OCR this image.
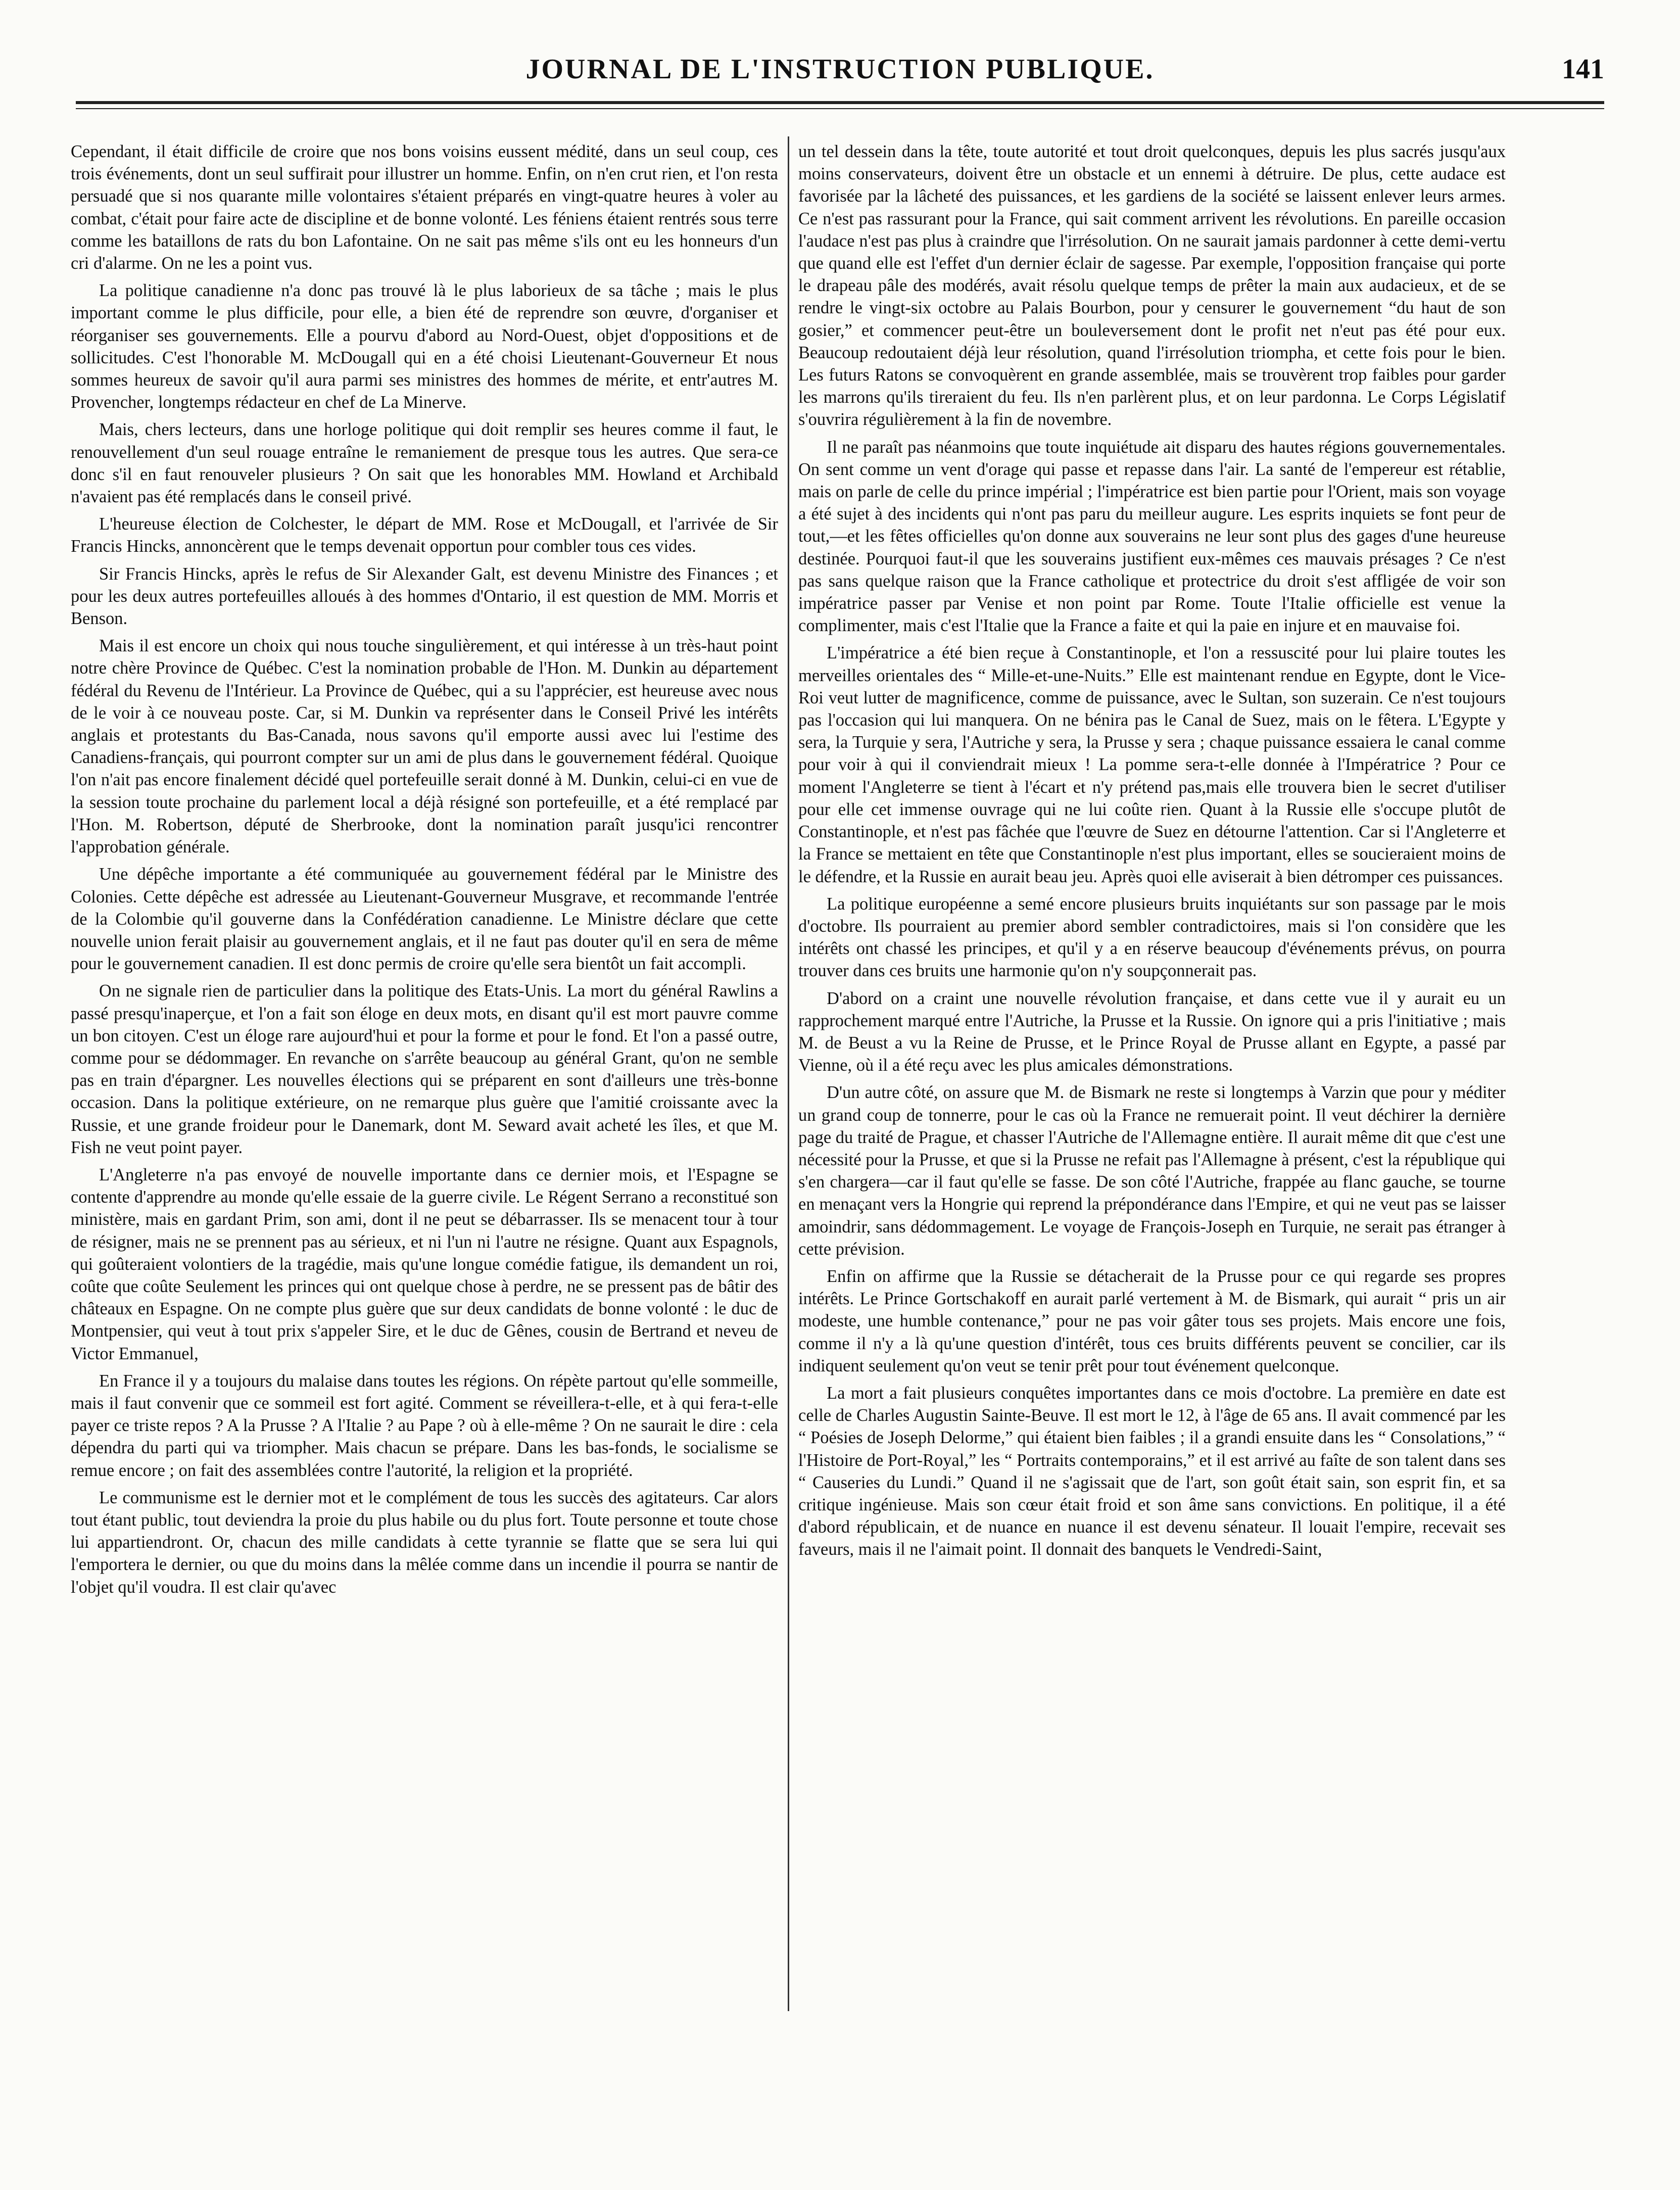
JOURNAL DE L'INSTRUCTION PUBLIQUE.	141

Cependant, il était difficile de croire que nos bons voisins eussent médité, dans un seul coup, ces trois événements, dont un seul suffirait pour illustrer un homme. Enfin, on n'en crut rien, et l'on resta persuadé que si nos quarante mille volontaires s'étaient préparés en vingt-quatre heures à voler au combat, c'était pour faire acte de discipline et de bonne volonté. Les féniens étaient rentrés sous terre comme les bataillons de rats du bon Lafontaine. On ne sait pas même s'ils ont eu les honneurs d'un cri d'alarme. On ne les a point vus.

La politique canadienne n'a donc pas trouvé là le plus laborieux de sa tâche ; mais le plus important comme le plus difficile, pour elle, a bien été de reprendre son œuvre, d'organiser et réorganiser ses gouvernements. Elle a pourvu d'abord au Nord-Ouest, objet d'oppositions et de sollicitudes. C'est l'honorable M. McDougall qui en a été choisi Lieutenant-Gouverneur Et nous sommes heureux de savoir qu'il aura parmi ses ministres des hommes de mérite, et entr'autres M. Provencher, longtemps rédacteur en chef de La Minerve.

Mais, chers lecteurs, dans une horloge politique qui doit remplir ses heures comme il faut, le renouvellement d'un seul rouage entraîne le remaniement de presque tous les autres. Que sera-ce donc s'il en faut renouveler plusieurs ? On sait que les honorables MM. Howland et Archibald n'avaient pas été remplacés dans le conseil privé.

L'heureuse élection de Colchester, le départ de MM. Rose et McDougall, et l'arrivée de Sir Francis Hincks, annoncèrent que le temps devenait opportun pour combler tous ces vides.

Sir Francis Hincks, après le refus de Sir Alexander Galt, est devenu Ministre des Finances ; et pour les deux autres portefeuilles alloués à des hommes d'Ontario, il est question de MM. Morris et Benson.

Mais il est encore un choix qui nous touche singulièrement, et qui intéresse à un très-haut point notre chère Province de Québec. C'est la nomination probable de l'Hon. M. Dunkin au département fédéral du Revenu de l'Intérieur. La Province de Québec, qui a su l'apprécier, est heureuse avec nous de le voir à ce nouveau poste. Car, si M. Dunkin va représenter dans le Conseil Privé les intérêts anglais et protestants du Bas-Canada, nous savons qu'il emporte aussi avec lui l'estime des Canadiens-français, qui pourront compter sur un ami de plus dans le gouvernement fédéral. Quoique l'on n'ait pas encore finalement décidé quel portefeuille serait donné à M. Dunkin, celui-ci en vue de la session toute prochaine du parlement local a déjà résigné son portefeuille, et a été remplacé par l'Hon. M. Robertson, député de Sherbrooke, dont la nomination paraît jusqu'ici rencontrer l'approbation générale.

Une dépêche importante a été communiquée au gouvernement fédéral par le Ministre des Colonies. Cette dépêche est adressée au Lieutenant-Gouverneur Musgrave, et recommande l'entrée de la Colombie qu'il gouverne dans la Confédération canadienne. Le Ministre déclare que cette nouvelle union ferait plaisir au gouvernement anglais, et il ne faut pas douter qu'il en sera de même pour le gouvernement canadien. Il est donc permis de croire qu'elle sera bientôt un fait accompli.

On ne signale rien de particulier dans la politique des Etats-Unis. La mort du général Rawlins a passé presqu'inaperçue, et l'on a fait son éloge en deux mots, en disant qu'il est mort pauvre comme un bon citoyen. C'est un éloge rare aujourd'hui et pour la forme et pour le fond. Et l'on a passé outre, comme pour se dédommager. En revanche on s'arrête beaucoup au général Grant, qu'on ne semble pas en train d'épargner. Les nouvelles élections qui se préparent en sont d'ailleurs une très-bonne occasion. Dans la politique extérieure, on ne remarque plus guère que l'amitié croissante avec la Russie, et une grande froideur pour le Danemark, dont M. Seward avait acheté les îles, et que M. Fish ne veut point payer.

L'Angleterre n'a pas envoyé de nouvelle importante dans ce dernier mois, et l'Espagne se contente d'apprendre au monde qu'elle essaie de la guerre civile. Le Régent Serrano a reconstitué son ministère, mais en gardant Prim, son ami, dont il ne peut se débarrasser. Ils se menacent tour à tour de résigner, mais ne se prennent pas au sérieux, et ni l'un ni l'autre ne résigne. Quant aux Espagnols, qui goûteraient volontiers de la tragédie, mais qu'une longue comédie fatigue, ils demandent un roi, coûte que coûte Seulement les princes qui ont quelque chose à perdre, ne se pressent pas de bâtir des châteaux en Espagne. On ne compte plus guère que sur deux candidats de bonne volonté : le duc de Montpensier, qui veut à tout prix s'appeler Sire, et le duc de Gênes, cousin de Bertrand et neveu de Victor Emmanuel,

En France il y a toujours du malaise dans toutes les régions. On répète partout qu'elle sommeille, mais il faut convenir que ce sommeil est fort agité. Comment se réveillera-t-elle, et à qui fera-t-elle payer ce triste repos ? A la Prusse ? A l'Italie ? au Pape ? où à elle-même ? On ne saurait le dire : cela dépendra du parti qui va triompher. Mais chacun se prépare. Dans les bas-fonds, le socialisme se remue encore ; on fait des assemblées contre l'autorité, la religion et la propriété.

Le communisme est le dernier mot et le complément de tous les succès des agitateurs. Car alors tout étant public, tout deviendra la proie du plus habile ou du plus fort. Toute personne et toute chose lui appartiendront. Or, chacun des mille candidats à cette tyrannie se flatte que se sera lui qui l'emportera le dernier, ou que du moins dans la mêlée comme dans un incendie il pourra se nantir de l'objet qu'il voudra. Il est clair qu'avec

un tel dessein dans la tête, toute autorité et tout droit quelconques, depuis les plus sacrés jusqu'aux moins conservateurs, doivent être un obstacle et un ennemi à détruire. De plus, cette audace est favorisée par la lâcheté des puissances, et les gardiens de la société se laissent enlever leurs armes. Ce n'est pas rassurant pour la France, qui sait comment arrivent les révolutions. En pareille occasion l'audace n'est pas plus à craindre que l'irrésolution. On ne saurait jamais pardonner à cette demi-vertu que quand elle est l'effet d'un dernier éclair de sagesse. Par exemple, l'opposition française qui porte le drapeau pâle des modérés, avait résolu quelque temps de prêter la main aux audacieux, et de se rendre le vingt-six octobre au Palais Bourbon, pour y censurer le gouvernement “du haut de son gosier,” et commencer peut-être un bouleversement dont le profit net n'eut pas été pour eux. Beaucoup redoutaient déjà leur résolution, quand l'irrésolution triompha, et cette fois pour le bien. Les futurs Ratons se convoquèrent en grande assemblée, mais se trouvèrent trop faibles pour garder les marrons qu'ils tireraient du feu. Ils n'en parlèrent plus, et on leur pardonna. Le Corps Législatif s'ouvrira régulièrement à la fin de novembre.

Il ne paraît pas néanmoins que toute inquiétude ait disparu des hautes régions gouvernementales. On sent comme un vent d'orage qui passe et repasse dans l'air. La santé de l'empereur est rétablie, mais on parle de celle du prince impérial ; l'impératrice est bien partie pour l'Orient, mais son voyage a été sujet à des incidents qui n'ont pas paru du meilleur augure. Les esprits inquiets se font peur de tout,—et les fêtes officielles qu'on donne aux souverains ne leur sont plus des gages d'une heureuse destinée. Pourquoi faut-il que les souverains justifient eux-mêmes ces mauvais présages ? Ce n'est pas sans quelque raison que la France catholique et protectrice du droit s'est affligée de voir son impératrice passer par Venise et non point par Rome. Toute l'Italie officielle est venue la complimenter, mais c'est l'Italie que la France a faite et qui la paie en injure et en mauvaise foi.

L'impératrice a été bien reçue à Constantinople, et l'on a ressuscité pour lui plaire toutes les merveilles orientales des “ Mille-et-une-Nuits.” Elle est maintenant rendue en Egypte, dont le Vice-Roi veut lutter de magnificence, comme de puissance, avec le Sultan, son suzerain. Ce n'est toujours pas l'occasion qui lui manquera. On ne bénira pas le Canal de Suez, mais on le fêtera. L'Egypte y sera, la Turquie y sera, l'Autriche y sera, la Prusse y sera ; chaque puissance essaiera le canal comme pour voir à qui il conviendrait mieux ! La pomme sera-t-elle donnée à l'Impératrice ? Pour ce moment l'Angleterre se tient à l'écart et n'y prétend pas,mais elle trouvera bien le secret d'utiliser pour elle cet immense ouvrage qui ne lui coûte rien. Quant à la Russie elle s'occupe plutôt de Constantinople, et n'est pas fâchée que l'œuvre de Suez en détourne l'attention. Car si l'Angleterre et la France se mettaient en tête que Constantinople n'est plus important, elles se soucieraient moins de le défendre, et la Russie en aurait beau jeu. Après quoi elle aviserait à bien détromper ces puissances.

La politique européenne a semé encore plusieurs bruits inquiétants sur son passage par le mois d'octobre. Ils pourraient au premier abord sembler contradictoires, mais si l'on considère que les intérêts ont chassé les principes, et qu'il y a en réserve beaucoup d'événements prévus, on pourra trouver dans ces bruits une harmonie qu'on n'y soupçonnerait pas.

D'abord on a craint une nouvelle révolution française, et dans cette vue il y aurait eu un rapprochement marqué entre l'Autriche, la Prusse et la Russie. On ignore qui a pris l'initiative ; mais M. de Beust a vu la Reine de Prusse, et le Prince Royal de Prusse allant en Egypte, a passé par Vienne, où il a été reçu avec les plus amicales démonstrations.

D'un autre côté, on assure que M. de Bismark ne reste si longtemps à Varzin que pour y méditer un grand coup de tonnerre, pour le cas où la France ne remuerait point. Il veut déchirer la dernière page du traité de Prague, et chasser l'Autriche de l'Allemagne entière. Il aurait même dit que c'est une nécessité pour la Prusse, et que si la Prusse ne refait pas l'Allemagne à présent, c'est la république qui s'en chargera—car il faut qu'elle se fasse. De son côté l'Autriche, frappée au flanc gauche, se tourne en menaçant vers la Hongrie qui reprend la prépondérance dans l'Empire, et qui ne veut pas se laisser amoindrir, sans dédommagement. Le voyage de François-Joseph en Turquie, ne serait pas étranger à cette prévision.

Enfin on affirme que la Russie se détacherait de la Prusse pour ce qui regarde ses propres intérêts. Le Prince Gortschakoff en aurait parlé vertement à M. de Bismark, qui aurait “ pris un air modeste, une humble contenance,” pour ne pas voir gâter tous ses projets. Mais encore une fois, comme il n'y a là qu'une question d'intérêt, tous ces bruits différents peuvent se concilier, car ils indiquent seulement qu'on veut se tenir prêt pour tout événement quelconque.

La mort a fait plusieurs conquêtes importantes dans ce mois d'octobre. La première en date est celle de Charles Augustin Sainte-Beuve. Il est mort le 12, à l'âge de 65 ans. Il avait commencé par les “ Poésies de Joseph Delorme,” qui étaient bien faibles ; il a grandi ensuite dans les “ Consolations,” “ l'Histoire de Port-Royal,” les “ Portraits contemporains,” et il est arrivé au faîte de son talent dans ses “ Causeries du Lundi.” Quand il ne s'agissait que de l'art, son goût était sain, son esprit fin, et sa critique ingénieuse. Mais son cœur était froid et son âme sans convictions. En politique, il a été d'abord républicain, et de nuance en nuance il est devenu sénateur. Il louait l'empire, recevait ses faveurs, mais il ne l'aimait point. Il donnait des banquets le Vendredi-Saint,
